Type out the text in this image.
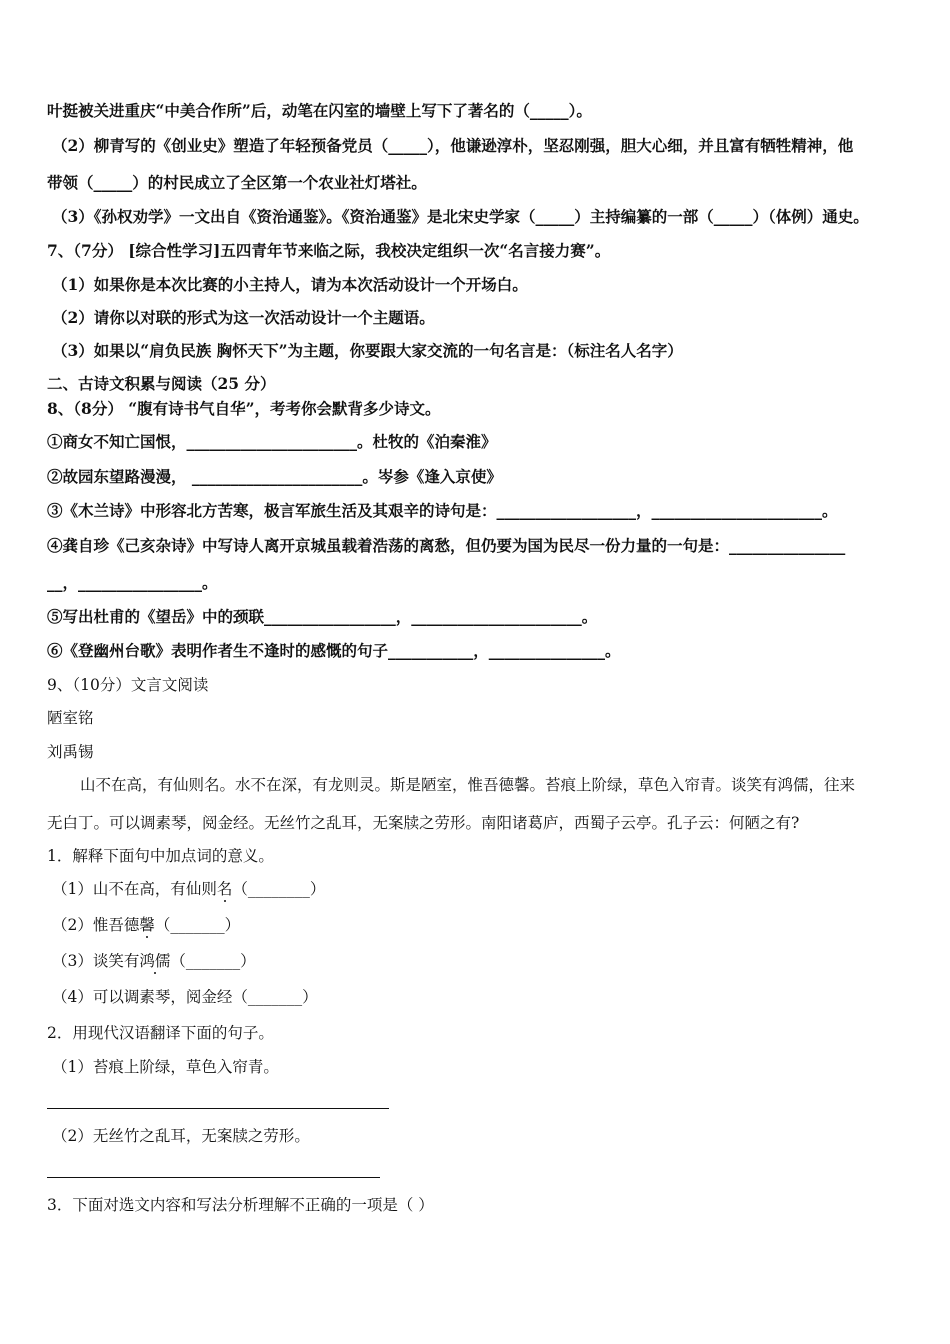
叶挺被关进重庆“中美合作所”后，动笔在闪室的墙壁上写下了著名的（_____）。
（2）柳青写的《创业史》塑造了年轻预备党员（_____），他谦逊淳朴，坚忍刚强，胆大心细，并且富有牺牲精神，他
带领（_____）的村民成立了全区第一个农业社灯塔社。
（3）《孙权劝学》一文出自《资治通鉴》。《资治通鉴》是北宋史学家（_____）主持编纂的一部（_____）（体例）通史。
7、（7分） [综合性学习]五四青年节来临之际，我校决定组织一次“名言接力赛”。
（1）如果你是本次比赛的小主持人，请为本次活动设计一个开场白。
（2）请你以对联的形式为这一次活动设计一个主题语。
（3）如果以“肩负民族 胸怀天下”为主题，你要跟大家交流的一句名言是：（标注名人名字）
二、古诗文积累与阅读（25 分）
8、（8分） “腹有诗书气自华”，考考你会默背多少诗文。
①商女不知亡国恨，______________________。杜牧的《泊秦淮》
②故园东望路漫漫， ______________________。岑参《逢入京使》
③《木兰诗》中形容北方苦寒，极言军旅生活及其艰辛的诗句是：__________________，______________________。
④龚自珍《己亥杂诗》中写诗人离开京城虽载着浩荡的离愁，但仍要为国为民尽一份力量的一句是：_______________
__，________________。
⑤写出杜甫的《望岳》中的颈联_________________，______________________。
⑥《登幽州台歌》表明作者生不逢时的感慨的句子___________，_______________。
9、（10分）文言文阅读
陋室铭
刘禹锡
山不在高，有仙则名。水不在深，有龙则灵。斯是陋室，惟吾德馨。苔痕上阶绿，草色入帘青。谈笑有鸿儒，往来
无白丁。可以调素琴，阅金经。无丝竹之乱耳，无案牍之劳形。南阳诸葛庐，西蜀子云亭。孔子云：何陋之有?
1．解释下面句中加点词的意义。
（1）山不在高，有仙则名（________）
（2）惟吾德馨（_______）
（3）谈笑有鸿儒（_______）
（4）可以调素琴，阅金经（_______）
2．用现代汉语翻译下面的句子。
（1）苔痕上阶绿，草色入帘青。
（2）无丝竹之乱耳，无案牍之劳形。
3．下面对选文内容和写法分析理解不正确的一项是（ ）
